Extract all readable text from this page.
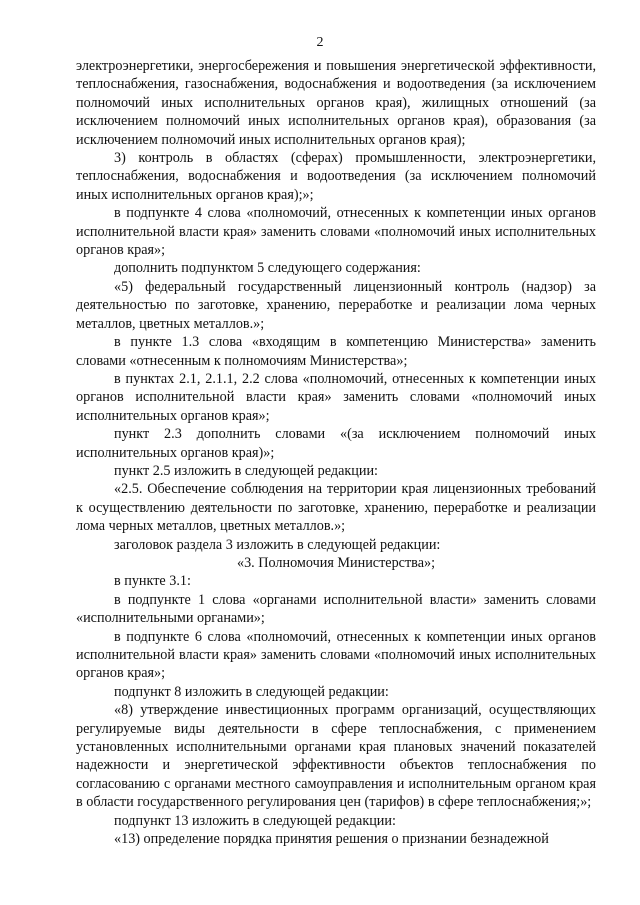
2

электроэнергетики, энергосбережения и повышения энергетической эффективности, теплоснабжения, газоснабжения, водоснабжения и водоотведения (за исключением полномочий иных исполнительных органов края), жилищных отношений (за исключением полномочий иных исполнительных органов края), образования (за исключением полномочий иных исполнительных органов края);

3) контроль в областях (сферах) промышленности, электроэнергетики, теплоснабжения, водоснабжения и водоотведения (за исключением полномочий иных исполнительных органов края);»;

в подпункте 4 слова «полномочий, отнесенных к компетенции иных органов исполнительной власти края» заменить словами «полномочий иных исполнительных органов края»;

дополнить подпунктом 5 следующего содержания:

«5) федеральный государственный лицензионный контроль (надзор) за деятельностью по заготовке, хранению, переработке и реализации лома черных металлов, цветных металлов.»;

в пункте 1.3 слова «входящим в компетенцию Министерства» заменить словами «отнесенным к полномочиям Министерства»;

в пунктах 2.1, 2.1.1, 2.2 слова «полномочий, отнесенных к компетенции иных органов исполнительной власти края» заменить словами «полномочий иных исполнительных органов края»;

пункт 2.3 дополнить словами «(за исключением полномочий иных исполнительных органов края)»;

пункт 2.5 изложить в следующей редакции:

«2.5. Обеспечение соблюдения на территории края лицензионных требований к осуществлению деятельности по заготовке, хранению, переработке и реализации лома черных металлов, цветных металлов.»;

заголовок раздела 3 изложить в следующей редакции:

«3. Полномочия Министерства»;

в пункте 3.1:

в подпункте 1 слова «органами исполнительной власти» заменить словами «исполнительными органами»;

в подпункте 6 слова «полномочий, отнесенных к компетенции иных органов исполнительной власти края» заменить словами «полномочий иных исполнительных органов края»;

подпункт 8 изложить в следующей редакции:

«8) утверждение инвестиционных программ организаций, осуществляющих регулируемые виды деятельности в сфере теплоснабжения, с применением установленных исполнительными органами края плановых значений показателей надежности и энергетической эффективности объектов теплоснабжения по согласованию с органами местного самоуправления и исполнительным органом края в области государственного регулирования цен (тарифов) в сфере теплоснабжения;»;

подпункт 13 изложить в следующей редакции:

«13) определение порядка принятия решения о признании безнадежной
